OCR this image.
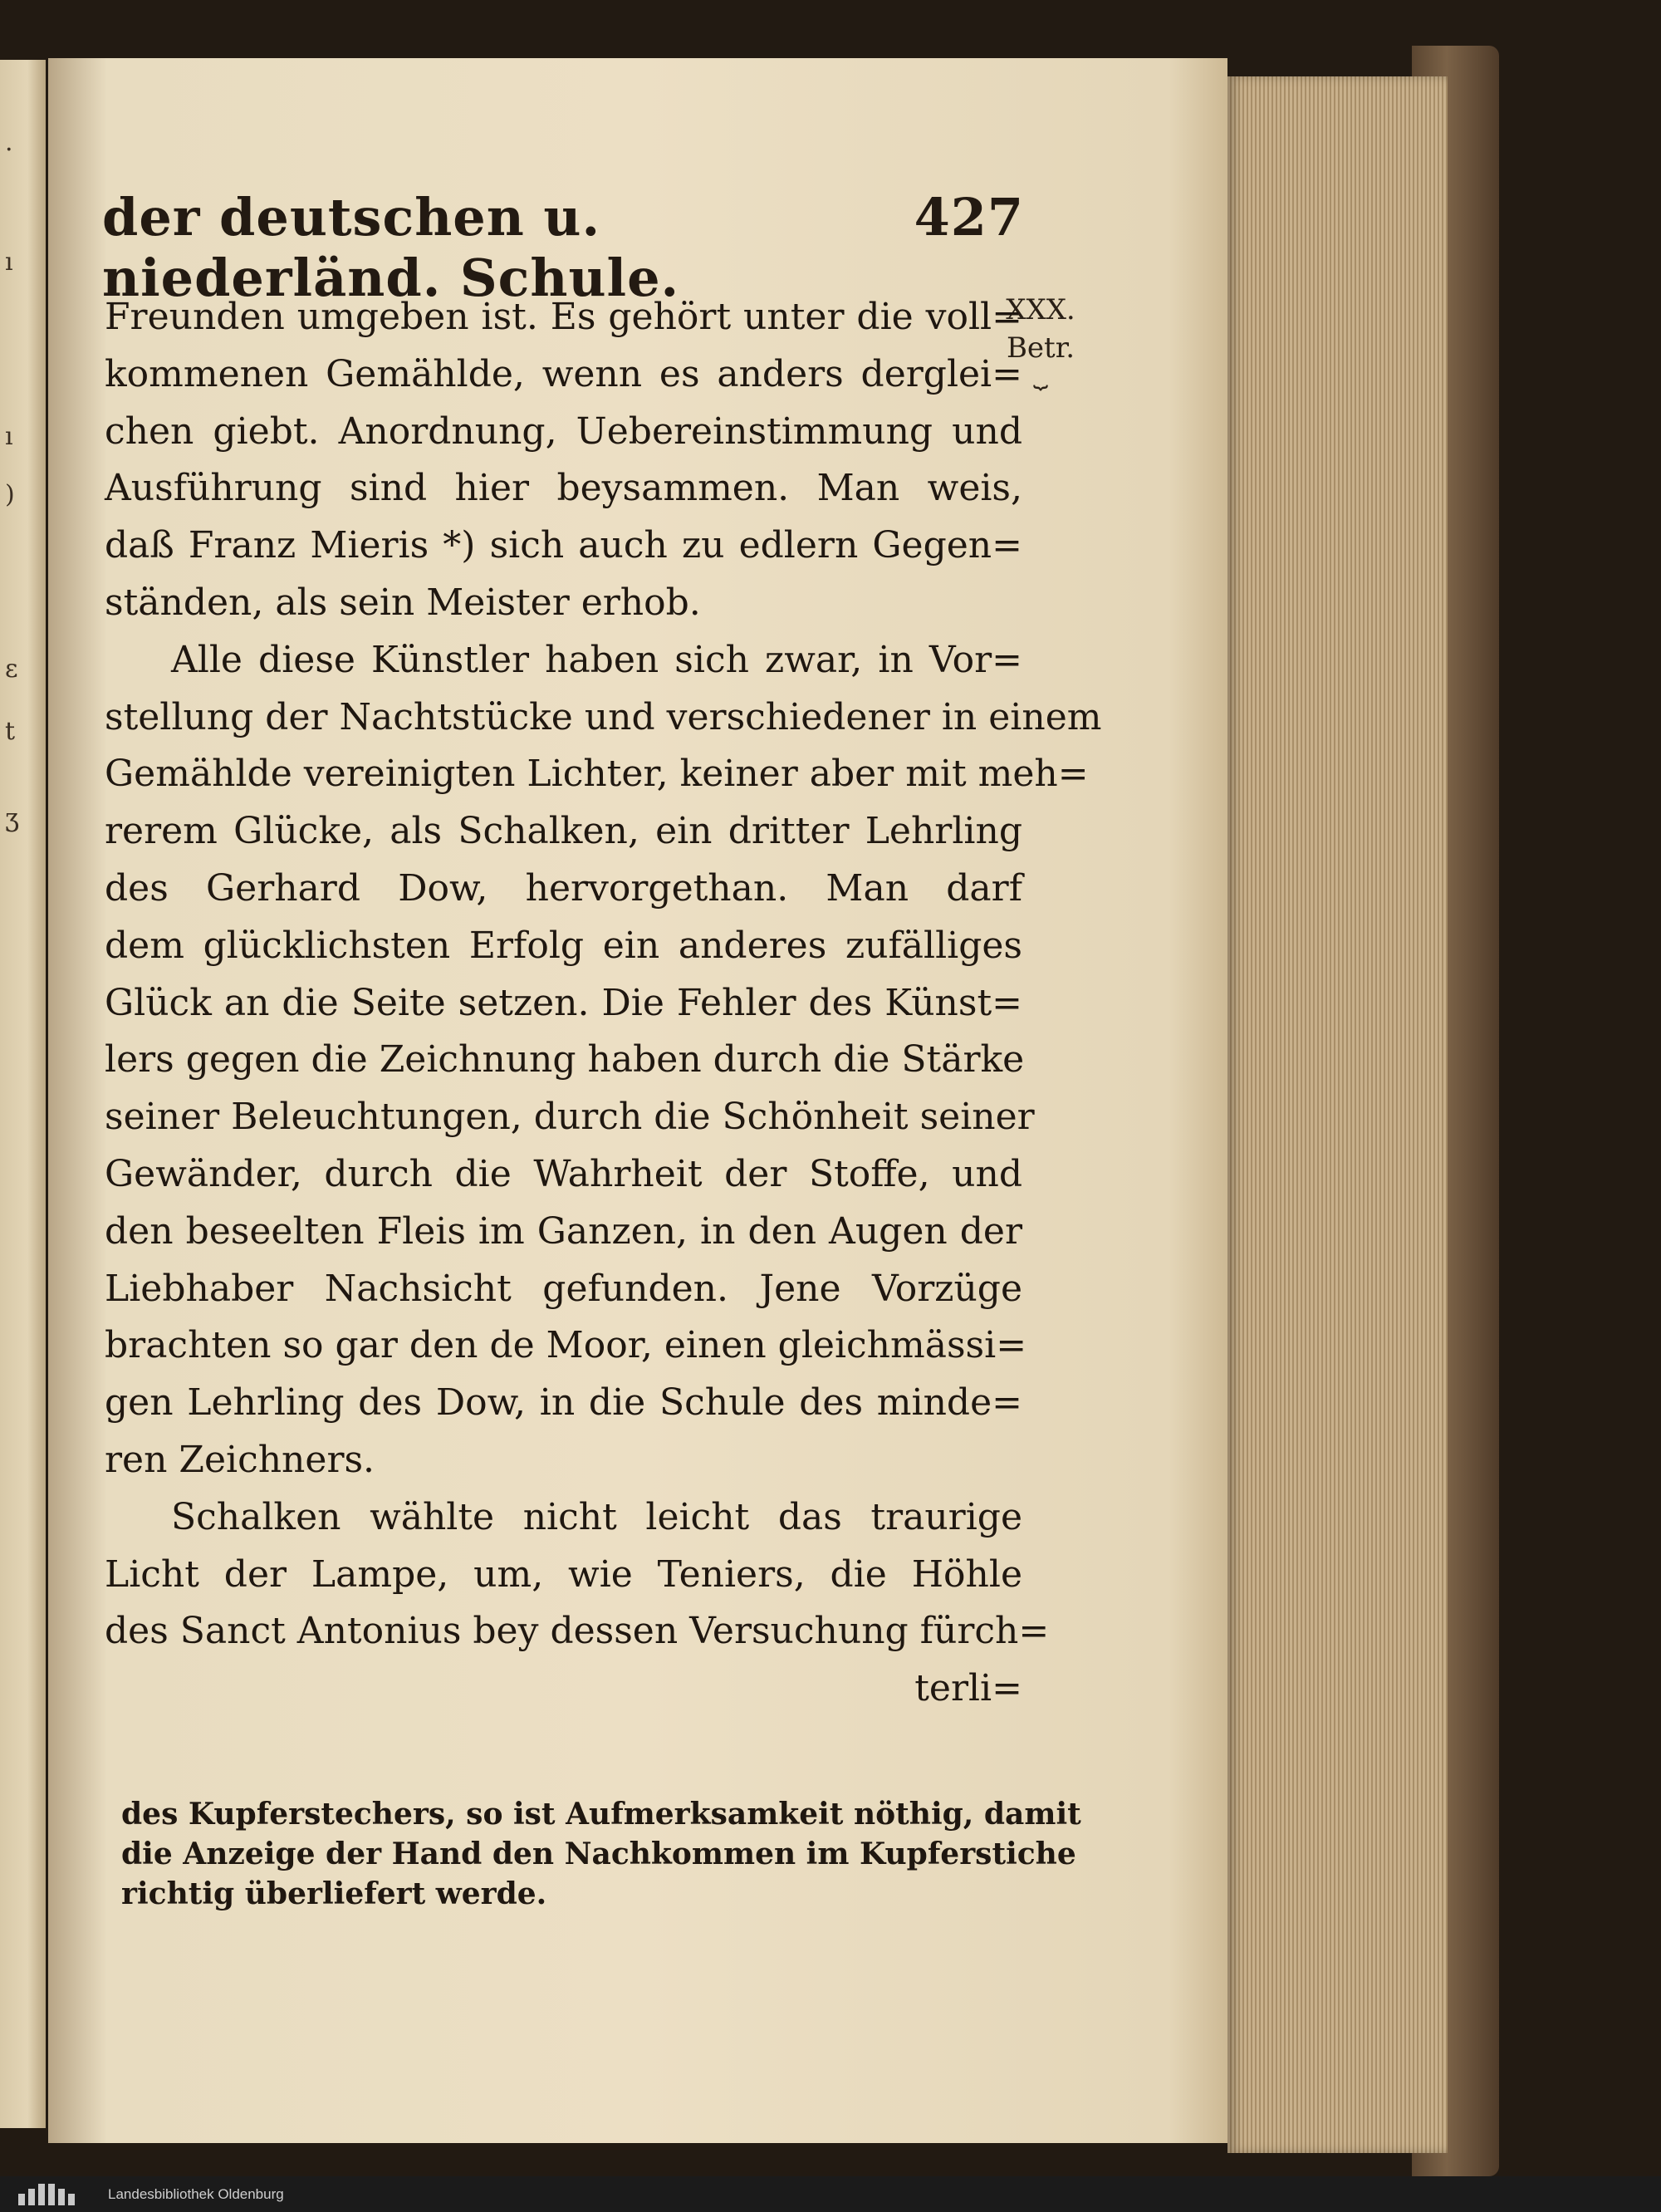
·
ı
ı
)
ɛ
t
ʒ
der deutschen u. niederländ. Schule.
427
XXX.
Betr.
⏟
Freunden umgeben ist. Es gehört unter die voll=
kommenen Gemählde, wenn es anders derglei=
chen giebt. Anordnung, Uebereinstimmung und
Ausführung sind hier beysammen. Man weis,
daß Franz Mieris *) sich auch zu edlern Gegen=
ständen, als sein Meister erhob.
Alle diese Künstler haben sich zwar, in Vor=
stellung der Nachtstücke und verschiedener in einem
Gemählde vereinigten Lichter, keiner aber mit meh=
rerem Glücke, als Schalken, ein dritter Lehrling
des Gerhard Dow, hervorgethan. Man darf
dem glücklichsten Erfolg ein anderes zufälliges
Glück an die Seite setzen. Die Fehler des Künst=
lers gegen die Zeichnung haben durch die Stärke
seiner Beleuchtungen, durch die Schönheit seiner
Gewänder, durch die Wahrheit der Stoffe, und
den beseelten Fleis im Ganzen, in den Augen der
Liebhaber Nachsicht gefunden. Jene Vorzüge
brachten so gar den de Moor, einen gleichmässi=
gen Lehrling des Dow, in die Schule des minde=
ren Zeichners.
Schalken wählte nicht leicht das traurige
Licht der Lampe, um, wie Teniers, die Höhle
des Sanct Antonius bey dessen Versuchung fürch=
terli=
des Kupferstechers, so ist Aufmerksamkeit nöthig, damit
die Anzeige der Hand den Nachkommen im Kupferstiche
richtig überliefert werde.
Landesbibliothek Oldenburg
